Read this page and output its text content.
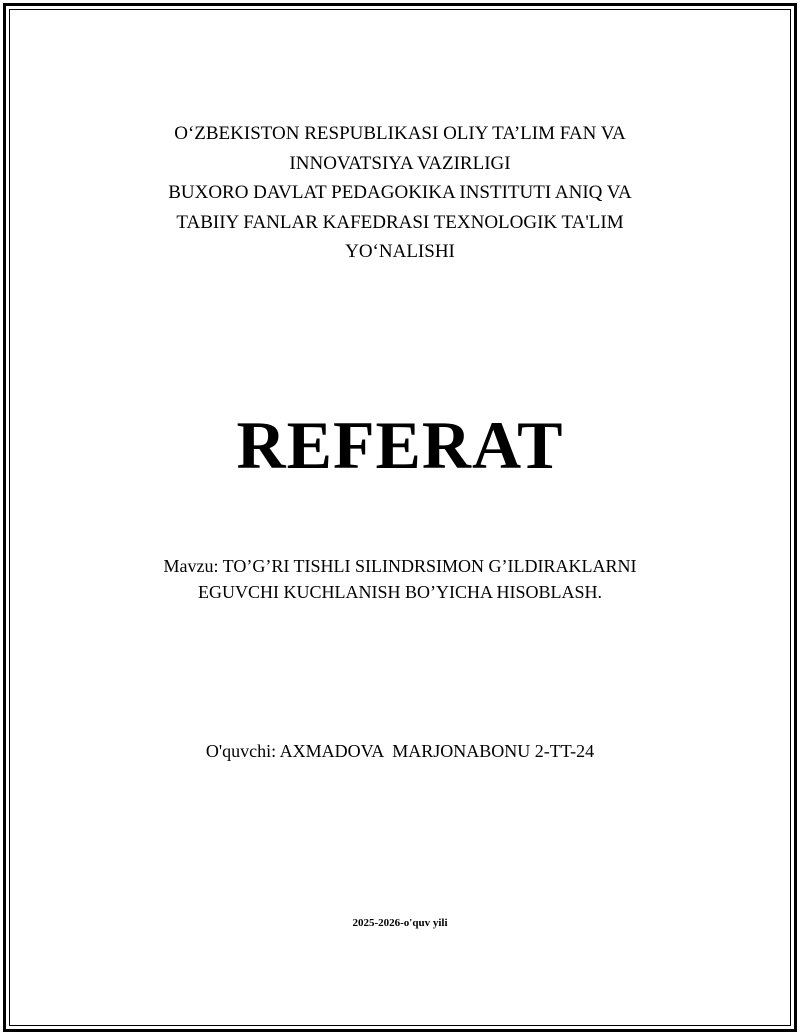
O‘ZBEKISTON RESPUBLIKASI OLIY TA’LIM FAN VA
INNOVATSIYA VAZIRLIGI
BUXORO DAVLAT PEDAGOKIKA INSTITUTI ANIQ VA
TABIIY FANLAR KAFEDRASI TEXNOLOGIK TA'LIM
YO‘NALISHI
REFERAT
Mavzu: TO’G’RI TISHLI SILINDRSIMON G’ILDIRAKLARNI
EGUVCHI KUCHLANISH BO’YICHA HISOBLASH.
O'quvchi: AXMADOVA  MARJONABONU 2-TT-24
2025-2026-o'quv yili
